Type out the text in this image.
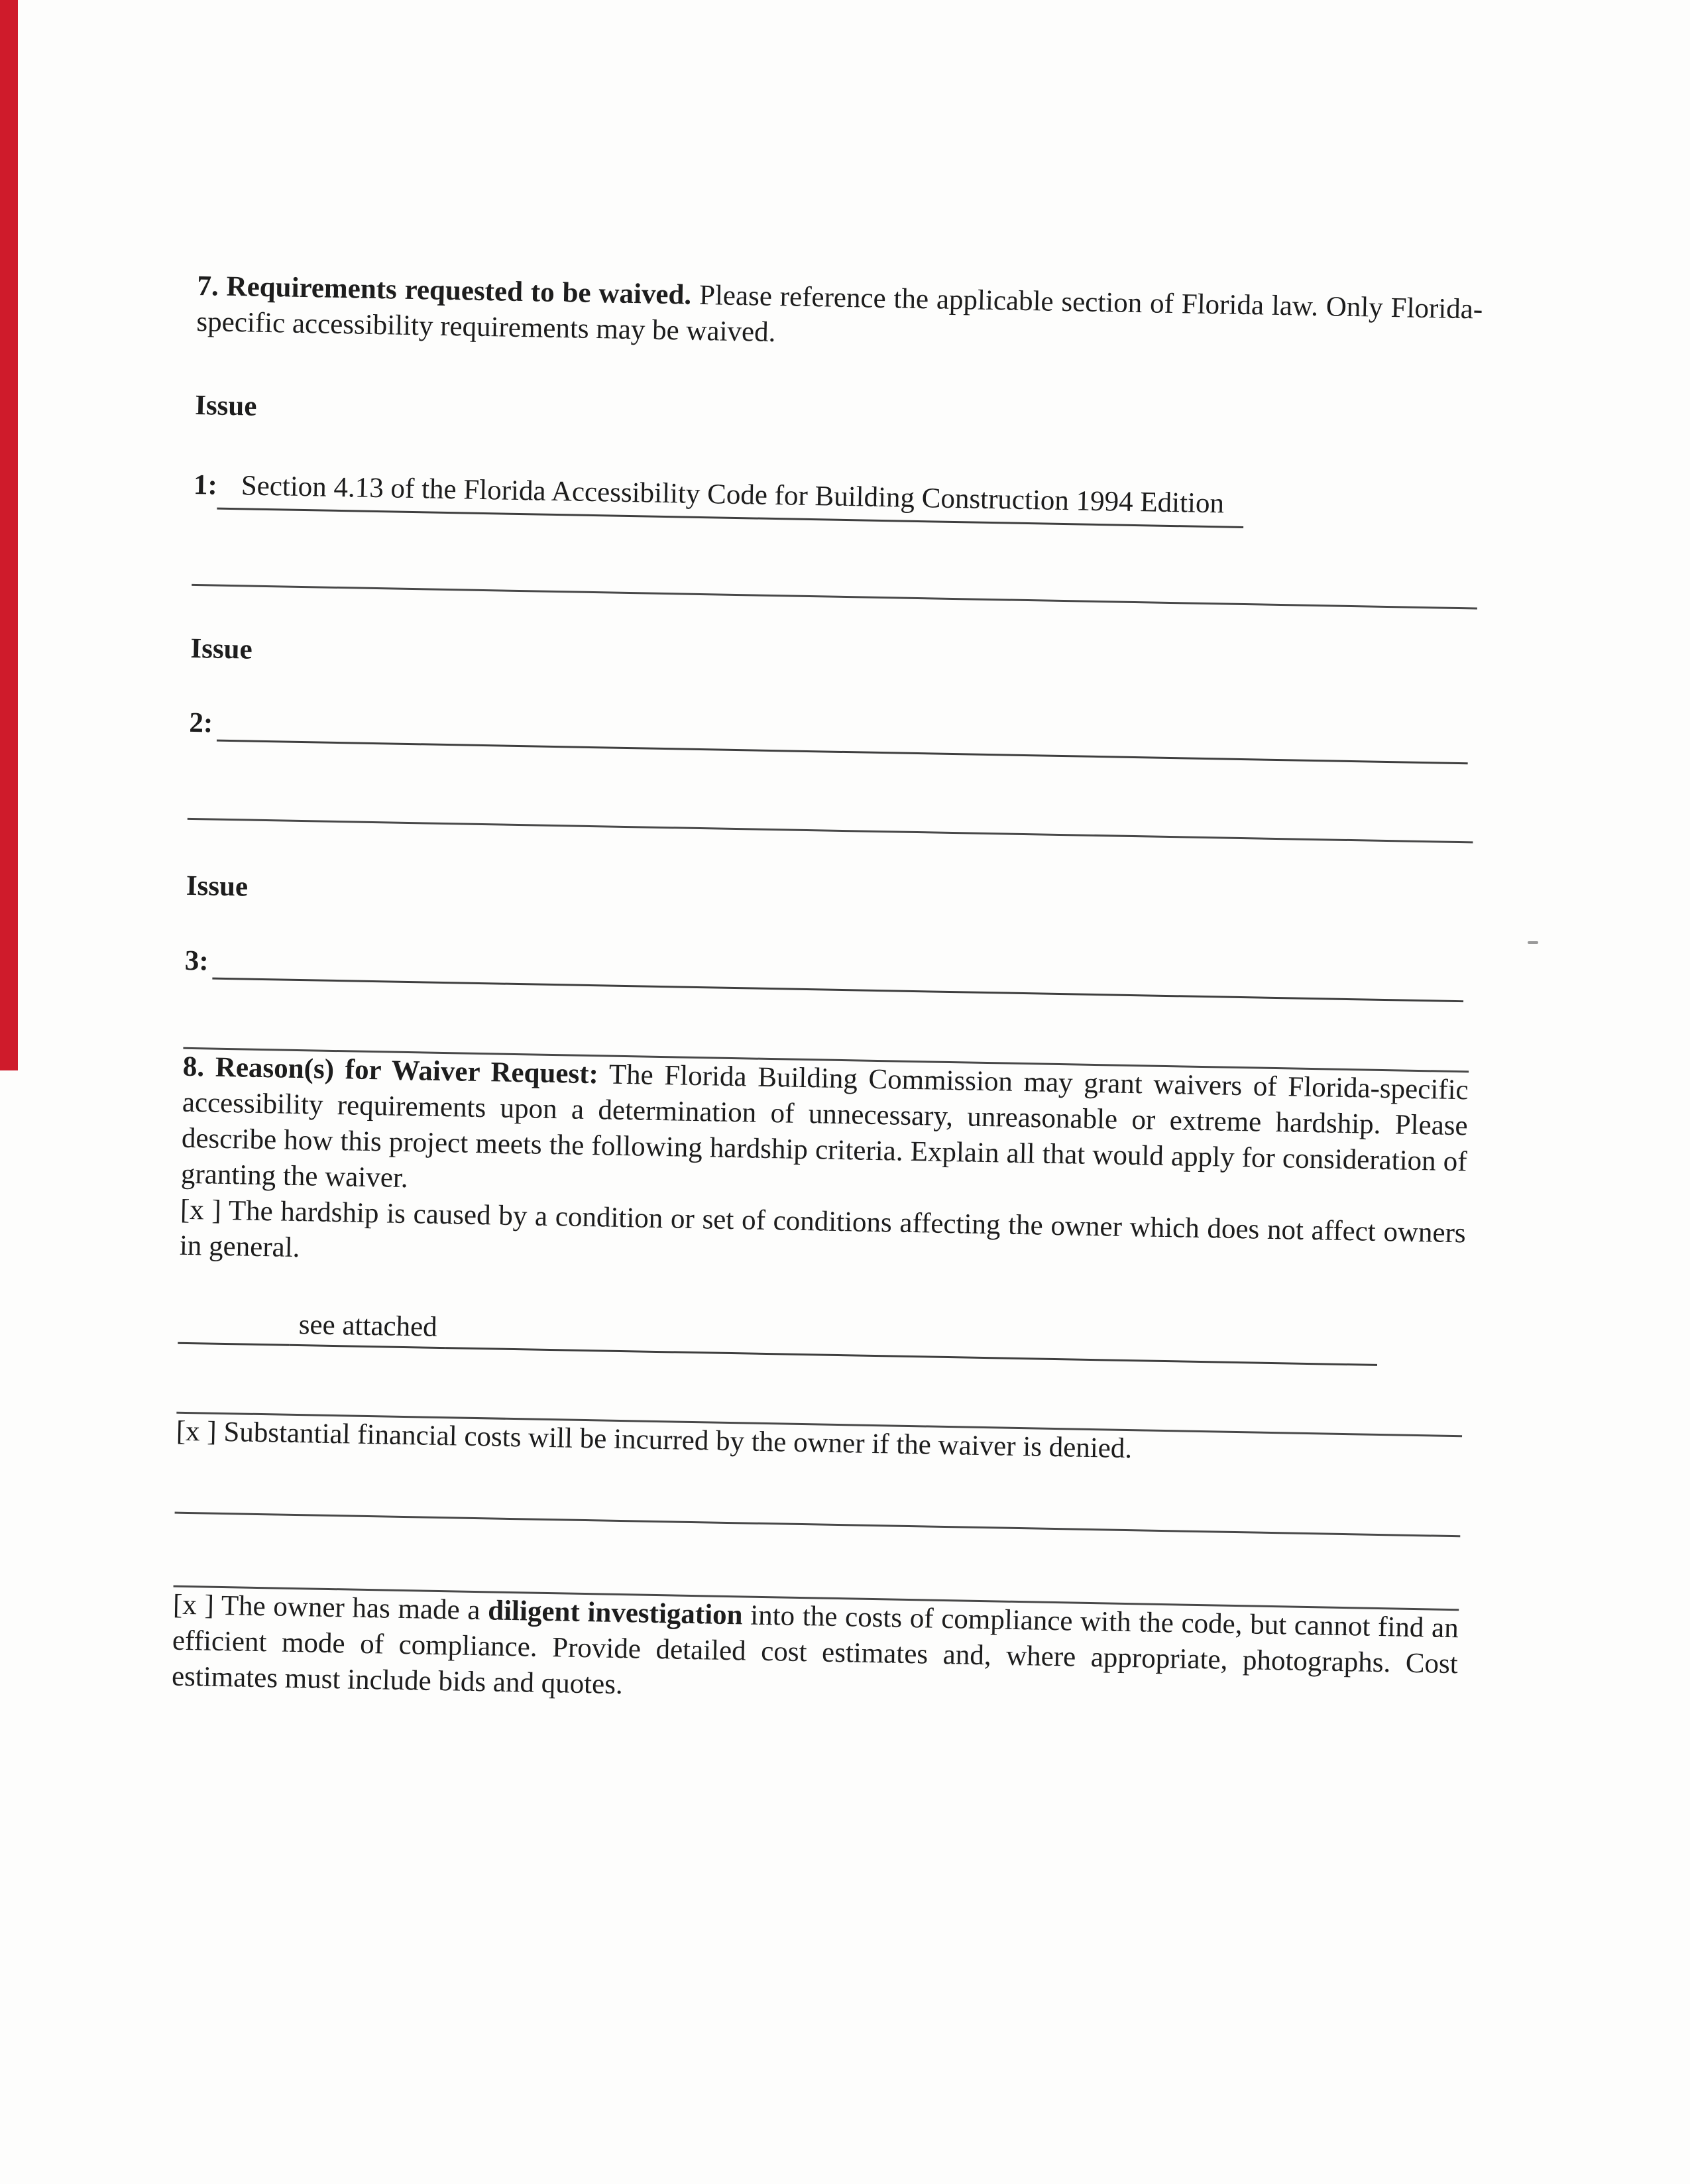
7. Requirements requested to be waived. Please reference the applicable section of Florida law. Only Florida-specific accessibility requirements may be waived.

Issue
1: Section 4.13 of the Florida Accessibility Code for Building Construction 1994 Edition
Issue
2:
Issue
3:

8. Reason(s) for Waiver Request: The Florida Building Commission may grant waivers of Florida-specific accessibility requirements upon a determination of unnecessary, unreasonable or extreme hardship. Please describe how this project meets the following hardship criteria. Explain all that would apply for consideration of granting the waiver.

[x ] The hardship is caused by a condition or set of conditions affecting the owner which does not affect owners in general.

see attached

[x ] Substantial financial costs will be incurred by the owner if the waiver is denied.

[x ] The owner has made a diligent investigation into the costs of compliance with the code, but cannot find an efficient mode of compliance. Provide detailed cost estimates and, where appropriate, photographs. Cost estimates must include bids and quotes.
